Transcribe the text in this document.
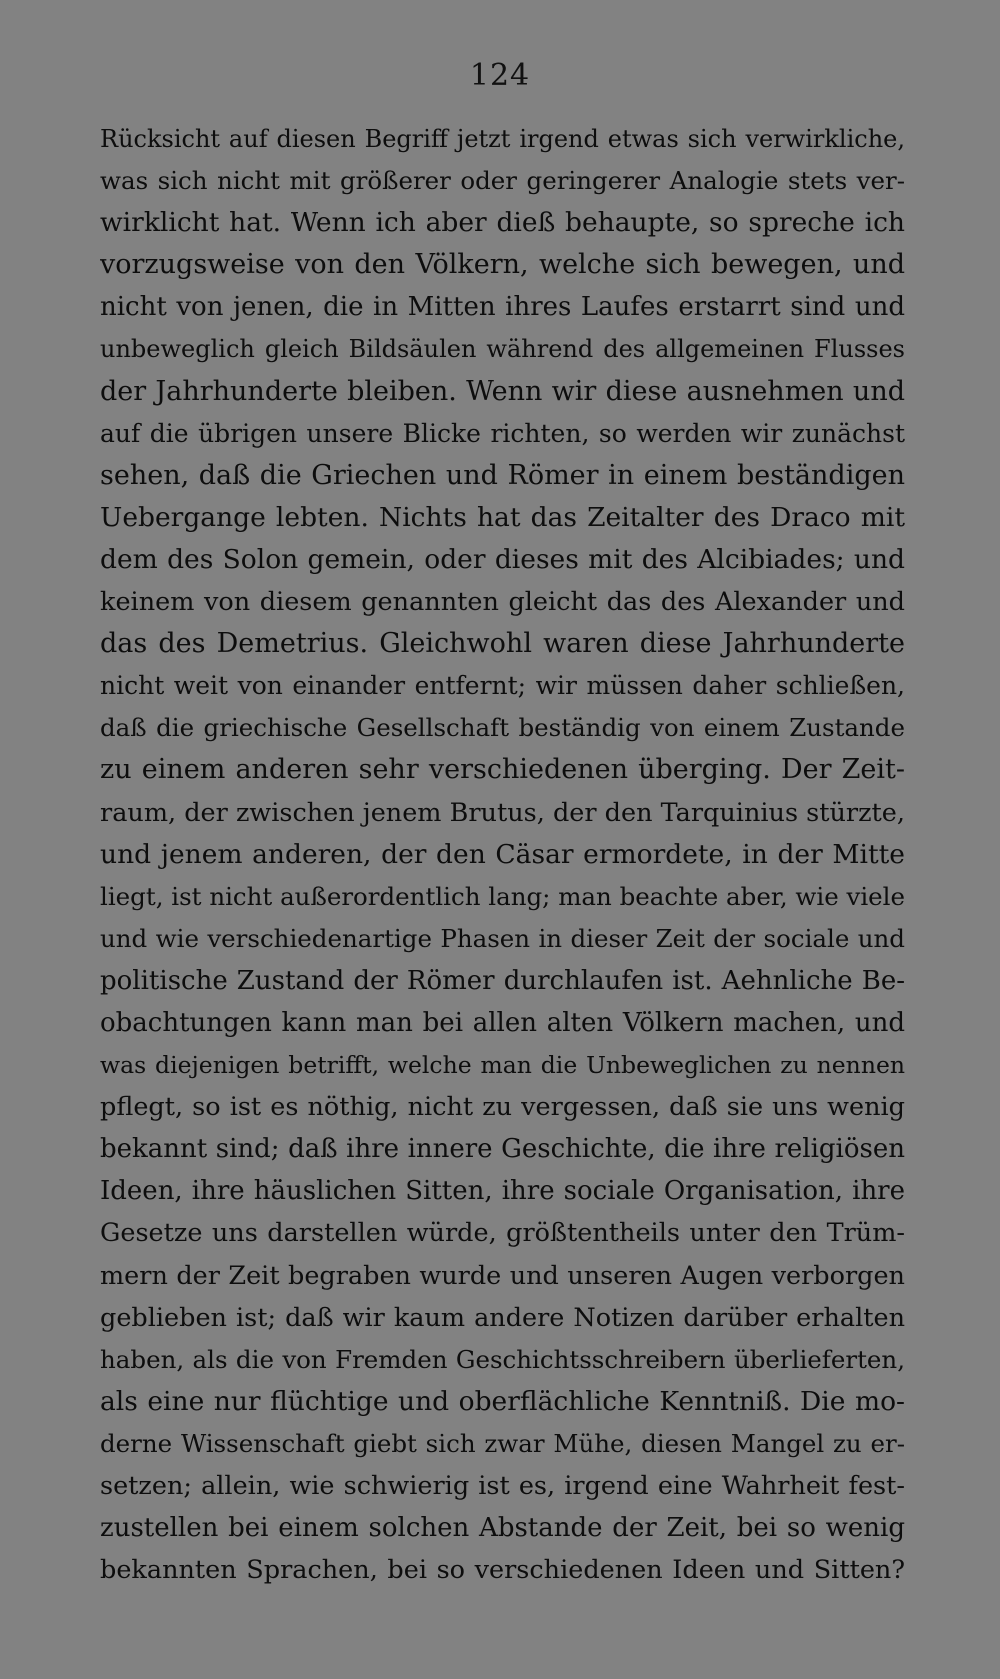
124
Rücksicht auf diesen Begriff jetzt irgend etwas sich verwirkliche,
was sich nicht mit größerer oder geringerer Analogie stets ver-
wirklicht hat. Wenn ich aber dieß behaupte, so spreche ich
vorzugsweise von den Völkern, welche sich bewegen, und
nicht von jenen, die in Mitten ihres Laufes erstarrt sind und
unbeweglich gleich Bildsäulen während des allgemeinen Flusses
der Jahrhunderte bleiben. Wenn wir diese ausnehmen und
auf die übrigen unsere Blicke richten, so werden wir zunächst
sehen, daß die Griechen und Römer in einem beständigen
Uebergange lebten. Nichts hat das Zeitalter des Draco mit
dem des Solon gemein, oder dieses mit des Alcibiades; und
keinem von diesem genannten gleicht das des Alexander und
das des Demetrius. Gleichwohl waren diese Jahrhunderte
nicht weit von einander entfernt; wir müssen daher schließen,
daß die griechische Gesellschaft beständig von einem Zustande
zu einem anderen sehr verschiedenen überging. Der Zeit-
raum, der zwischen jenem Brutus, der den Tarquinius stürzte,
und jenem anderen, der den Cäsar ermordete, in der Mitte
liegt, ist nicht außerordentlich lang; man beachte aber, wie viele
und wie verschiedenartige Phasen in dieser Zeit der sociale und
politische Zustand der Römer durchlaufen ist. Aehnliche Be-
obachtungen kann man bei allen alten Völkern machen, und
was diejenigen betrifft, welche man die Unbeweglichen zu nennen
pflegt, so ist es nöthig, nicht zu vergessen, daß sie uns wenig
bekannt sind; daß ihre innere Geschichte, die ihre religiösen
Ideen, ihre häuslichen Sitten, ihre sociale Organisation, ihre
Gesetze uns darstellen würde, größtentheils unter den Trüm-
mern der Zeit begraben wurde und unseren Augen verborgen
geblieben ist; daß wir kaum andere Notizen darüber erhalten
haben, als die von Fremden Geschichtsschreibern überlieferten,
als eine nur flüchtige und oberflächliche Kenntniß. Die mo-
derne Wissenschaft giebt sich zwar Mühe, diesen Mangel zu er-
setzen; allein, wie schwierig ist es, irgend eine Wahrheit fest-
zustellen bei einem solchen Abstande der Zeit, bei so wenig
bekannten Sprachen, bei so verschiedenen Ideen und Sitten?
